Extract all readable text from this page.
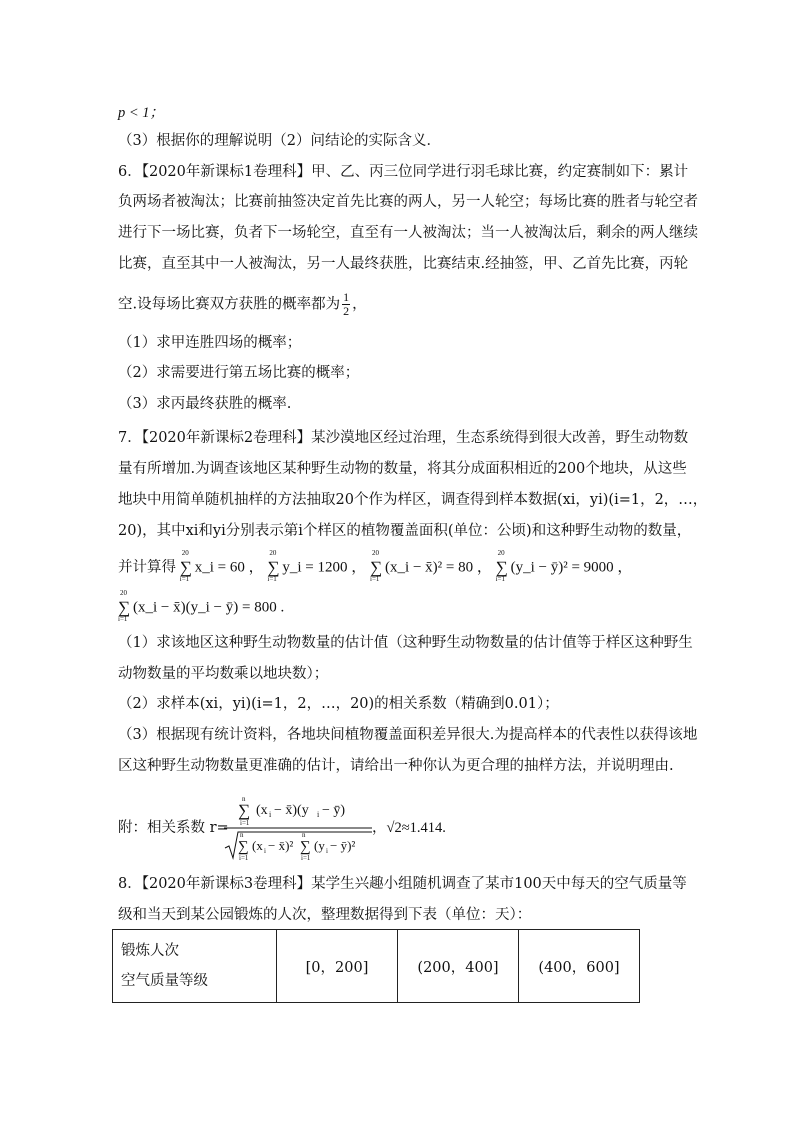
p < 1；
（3）根据你的理解说明（2）问结论的实际含义．
6．【2020年新课标1卷理科】甲、乙、丙三位同学进行羽毛球比赛，约定赛制如下：累计
负两场者被淘汰；比赛前抽签决定首先比赛的两人，另一人轮空；每场比赛的胜者与轮空者
进行下一场比赛，负者下一场轮空，直至有一人被淘汰；当一人被淘汰后，剩余的两人继续
比赛，直至其中一人被淘汰，另一人最终获胜，比赛结束.经抽签，甲、乙首先比赛，丙轮
空.设每场比赛双方获胜的概率都为 $\frac{1}{2}$ ，
（1）求甲连胜四场的概率；
（2）求需要进行第五场比赛的概率；
（3）求丙最终获胜的概率.
7．【2020年新课标2卷理科】某沙漠地区经过治理，生态系统得到很大改善，野生动物数
量有所增加.为调查该地区某种野生动物的数量，将其分成面积相近的200个地块，从这些
地块中用简单随机抽样的方法抽取20个作为样区，调查得到样本数据(xi，yi)(i=1，2，…，
20)，其中xi和yi分别表示第i个样区的植物覆盖面积(单位：公顷)和这种野生动物的数量，
并计算得
20
∑
i=1
x_i = 60 ，
20
∑
i=1
y_i = 1200 ，
20
∑
i=1
(x_i − x̄)² = 80 ，
20
∑
i=1
(y_i − ȳ)² = 9000 ，
20
∑
i=1
(x_i − x̄)(y_i − ȳ) = 800 .
（1）求该地区这种野生动物数量的估计值（这种野生动物数量的估计值等于样区这种野生
动物数量的平均数乘以地块数）；
（2）求样本(xi，yi)(i=1，2，…，20)的相关系数（精确到0.01）；
（3）根据现有统计资料，各地块间植物覆盖面积差异很大.为提高样本的代表性以获得该地
区这种野生动物数量更准确的估计，请给出一种你认为更合理的抽样方法，并说明理由.
附：相关系数 r=
n
∑
i=1
(x i − x̄)(y i − ȳ)
n
∑
i=1
(x i − x̄)²
n
∑
i=1
(y i − ȳ)²
，√2≈1.414.
8．【2020年新课标3卷理科】某学生兴趣小组随机调查了某市100天中每天的空气质量等
级和当天到某公园锻炼的人次，整理数据得到下表（单位：天）：
锻炼人次
空气质量等级
	[0，200]	(200，400]	(400，600]
